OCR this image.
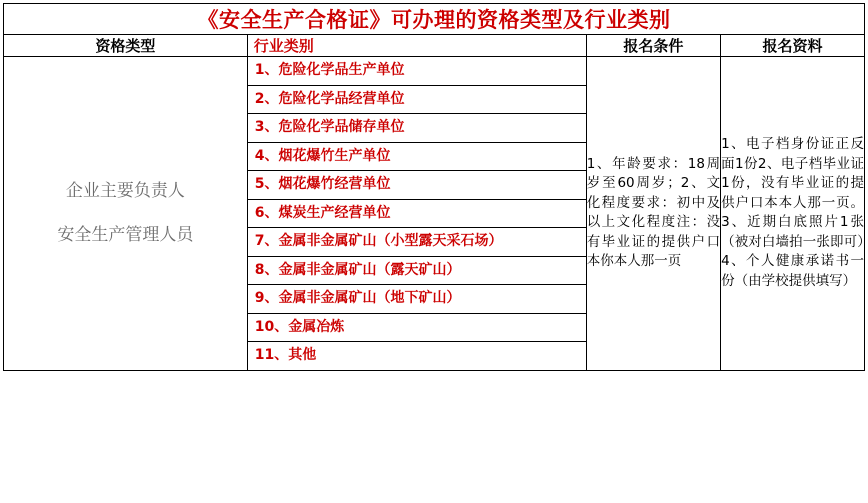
《安全生产合格证》可办理的资格类型及行业类别
资格类型	行业类别	报名条件	报名资料

企业主要负责人
安全生产管理人员

1、危险化学品生产单位
2、危险化学品经营单位
3、危险化学品储存单位
4、烟花爆竹生产单位
5、烟花爆竹经营单位
6、煤炭生产经营单位
7、金属非金属矿山（小型露天采石场）
8、金属非金属矿山（露天矿山）
9、金属非金属矿山（地下矿山）
10、金属冶炼
11、其他

1、年龄要求：18周岁至60周岁；2、文化程度要求：初中及以上文化程度注：没有毕业证的提供户口本你本人那一页

1、电子档身份证正反面1份2、电子档毕业证1份，没有毕业证的提供户口本本人那一页。3、近期白底照片1张（被对白墙拍一张即可）4、个人健康承诺书一份（由学校提供填写）
